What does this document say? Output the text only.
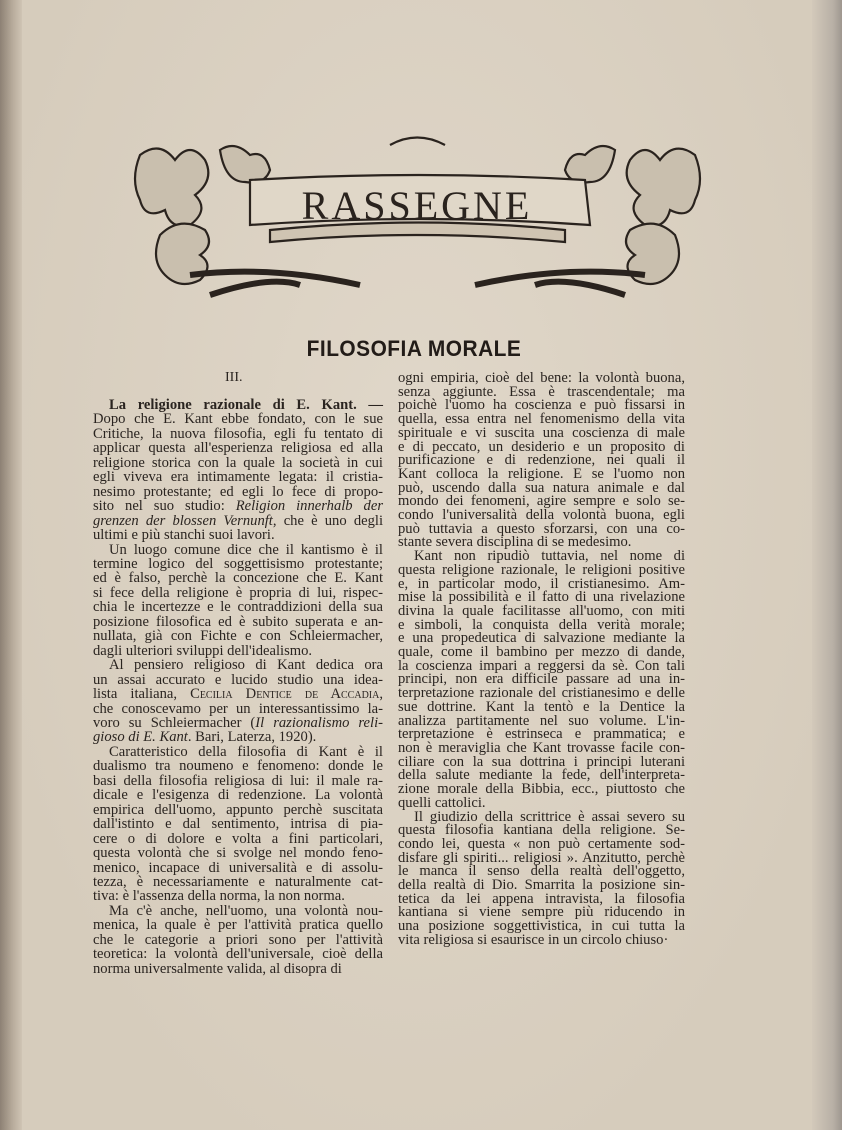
RASSEGNE
FILOSOFIA MORALE
III.
La religione razionale di E. Kant. —
Dopo che E. Kant ebbe fondato, con le sue
Critiche, la nuova filosofia, egli fu tentato di
applicar questa all'esperienza religiosa ed alla
religione storica con la quale la società in cui
egli viveva era intimamente legata: il cristia-
nesimo protestante; ed egli lo fece di propo-
sito nel suo studio: Religion innerhalb der
grenzen der blossen Vernunft, che è uno degli
ultimi e più stanchi suoi lavori.
Un luogo comune dice che il kantismo è il
termine logico del soggettisismo protestante;
ed è falso, perchè la concezione che E. Kant
si fece della religione è propria di lui, rispec-
chia le incertezze e le contraddizioni della sua
posizione filosofica ed è subito superata e an-
nullata, già con Fichte e con Schleiermacher,
dagli ulteriori sviluppi dell'idealismo.
Al pensiero religioso di Kant dedica ora
un assai accurato e lucido studio una idea-
lista italiana, Cecilia Dentice de Accadia,
che conoscevamo per un interessantissimo la-
voro su Schleiermacher (Il razionalismo reli-
gioso di E. Kant. Bari, Laterza, 1920).
Caratteristico della filosofia di Kant è il
dualismo tra noumeno e fenomeno: donde le
basi della filosofia religiosa di lui: il male ra-
dicale e l'esigenza di redenzione. La volontà
empirica dell'uomo, appunto perchè suscitata
dall'istinto e dal sentimento, intrisa di pia-
cere o di dolore e volta a fini particolari,
questa volontà che si svolge nel mondo feno-
menico, incapace di universalità e di assolu-
tezza, è necessariamente e naturalmente cat-
tiva: è l'assenza della norma, la non norma.
Ma c'è anche, nell'uomo, una volontà nou-
menica, la quale è per l'attività pratica quello
che le categorie a priori sono per l'attività
teoretica: la volontà dell'universale, cioè della
norma universalmente valida, al disopra di
ogni empiria, cioè del bene: la volontà buona,
senza aggiunte. Essa è trascendentale; ma
poichè l'uomo ha coscienza e può fissarsi in
quella, essa entra nel fenomenismo della vita
spirituale e vi suscita una coscienza di male
e di peccato, un desiderio e un proposito di
purificazione e di redenzione, nei quali il
Kant colloca la religione. E se l'uomo non
può, uscendo dalla sua natura animale e dal
mondo dei fenomeni, agire sempre e solo se-
condo l'universalità della volontà buona, egli
può tuttavia a questo sforzarsi, con una co-
stante severa disciplina di se medesimo.
Kant non ripudiò tuttavia, nel nome di
questa religione razionale, le religioni positive
e, in particolar modo, il cristianesimo. Am-
mise la possibilità e il fatto di una rivelazione
divina la quale facilitasse all'uomo, con miti
e simboli, la conquista della verità morale;
e una propedeutica di salvazione mediante la
quale, come il bambino per mezzo di dande,
la coscienza impari a reggersi da sè. Con tali
principi, non era difficile passare ad una in-
terpretazione razionale del cristianesimo e delle
sue dottrine. Kant la tentò e la Dentice la
analizza partitamente nel suo volume. L'in-
terpretazione è estrinseca e prammatica; e
non è meraviglia che Kant trovasse facile con-
ciliare con la sua dottrina i principi luterani
della salute mediante la fede, dell'interpreta-
zione morale della Bibbia, ecc., piuttosto che
quelli cattolici.
Il giudizio della scrittrice è assai severo su
questa filosofia kantiana della religione. Se-
condo lei, questa « non può certamente sod-
disfare gli spiriti... religiosi ». Anzitutto, perchè
le manca il senso della realtà dell'oggetto,
della realtà di Dio. Smarrita la posizione sin-
tetica da lei appena intravista, la filosofia
kantiana si viene sempre più riducendo in
una posizione soggettivistica, in cui tutta la
vita religiosa si esaurisce in un circolo chiuso·
